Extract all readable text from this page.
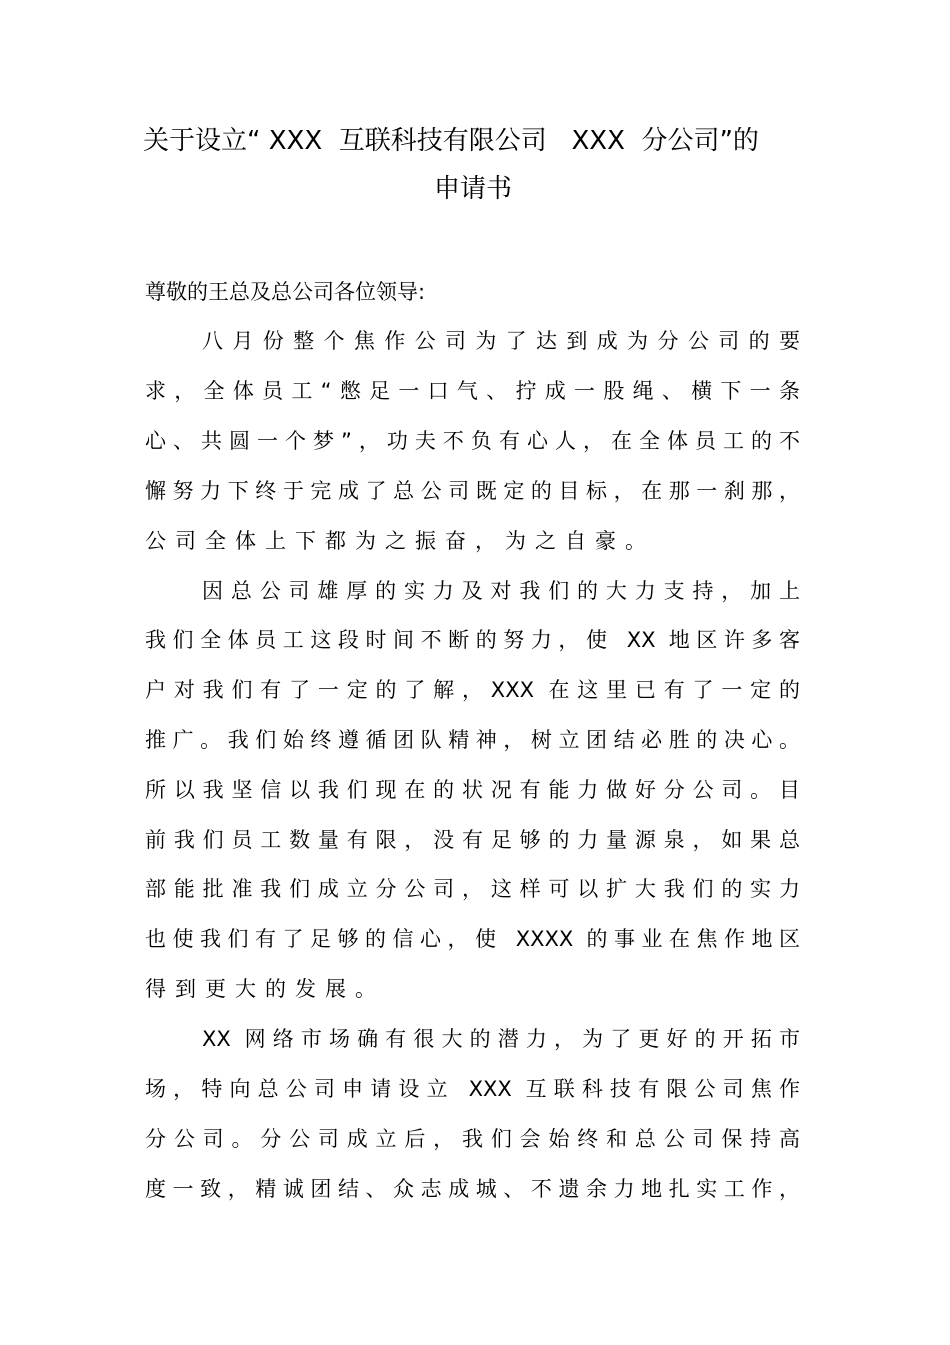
关于设立“ XXX  互联科技有限公司   XXX  分公司”的
申请书

尊敬的王总及总公司各位领导:

八月份整个焦作公司为了达到成为分公司的要

求，全体员工“憋足一口气、拧成一股绳、横下一条

心、共圆一个梦”，功夫不负有心人，在全体员工的不

懈努力下终于完成了总公司既定的目标，在那一刹那，

公司全体上下都为之振奋，为之自豪。

因总公司雄厚的实力及对我们的大力支持，加上

我们全体员工这段时间不断的努力，使 XX 地区许多客

户对我们有了一定的了解，XXX 在这里已有了一定的

推广。我们始终遵循团队精神，树立团结必胜的决心。

所以我坚信以我们现在的状况有能力做好分公司。目

前我们员工数量有限，没有足够的力量源泉，如果总

部能批准我们成立分公司，这样可以扩大我们的实力

也使我们有了足够的信心，使 XXXX 的事业在焦作地区

得到更大的发展。

XX 网络市场确有很大的潜力，为了更好的开拓市

场，特向总公司申请设立 XXX 互联科技有限公司焦作

分公司。分公司成立后，我们会始终和总公司保持高

度一致，精诚团结、众志成城、不遗余力地扎实工作，
